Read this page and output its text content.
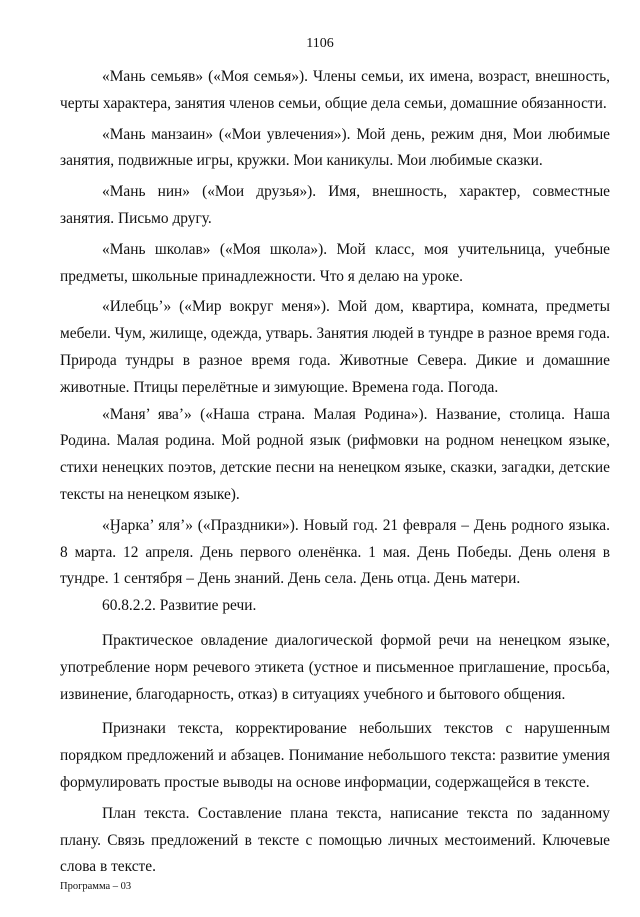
1106

«Мань семьяв» («Моя семья»). Члены семьи, их имена, возраст, внешность, черты характера, занятия членов семьи, общие дела семьи, домашние обязанности.

«Мань манзаин» («Мои увлечения»). Мой день, режим дня, Мои любимые занятия, подвижные игры, кружки. Мои каникулы. Мои любимые сказки.

«Мань нин» («Мои друзья»). Имя, внешность, характер, совместные занятия. Письмо другу.

«Мань школав» («Моя школа»). Мой класс, моя учительница, учебные предметы, школьные принадлежности. Что я делаю на уроке.

«Илебць’» («Мир вокруг меня»). Мой дом, квартира, комната, предметы мебели. Чум, жилище, одежда, утварь. Занятия людей в тундре в разное время года. Природа тундры в разное время года. Животные Севера. Дикие и домашние животные. Птицы перелётные и зимующие. Времена года. Погода.

«Маня’ ява’» («Наша страна. Малая Родина»). Название, столица. Наша Родина. Малая родина. Мой родной язык (рифмовки на родном ненецком языке, стихи ненецких поэтов, детские песни на ненецком языке, сказки, загадки, детские тексты на ненецком языке).

«Ӈарка’ яля’» («Праздники»). Новый год. 21 февраля – День родного языка. 8 марта. 12 апреля. День первого оленёнка. 1 мая. День Победы. День оленя в тундре. 1 сентября – День знаний. День села. День отца. День матери.

60.8.2.2. Развитие речи.

Практическое овладение диалогической формой речи на ненецком языке, употребление норм речевого этикета (устное и письменное приглашение, просьба, извинение, благодарность, отказ) в ситуациях учебного и бытового общения.

Признаки текста, корректирование небольших текстов с нарушенным порядком предложений и абзацев. Понимание небольшого текста: развитие умения формулировать простые выводы на основе информации, содержащейся в тексте.

План текста. Составление плана текста, написание текста по заданному плану. Связь предложений в тексте с помощью личных местоимений. Ключевые слова в тексте.

Программа – 03
